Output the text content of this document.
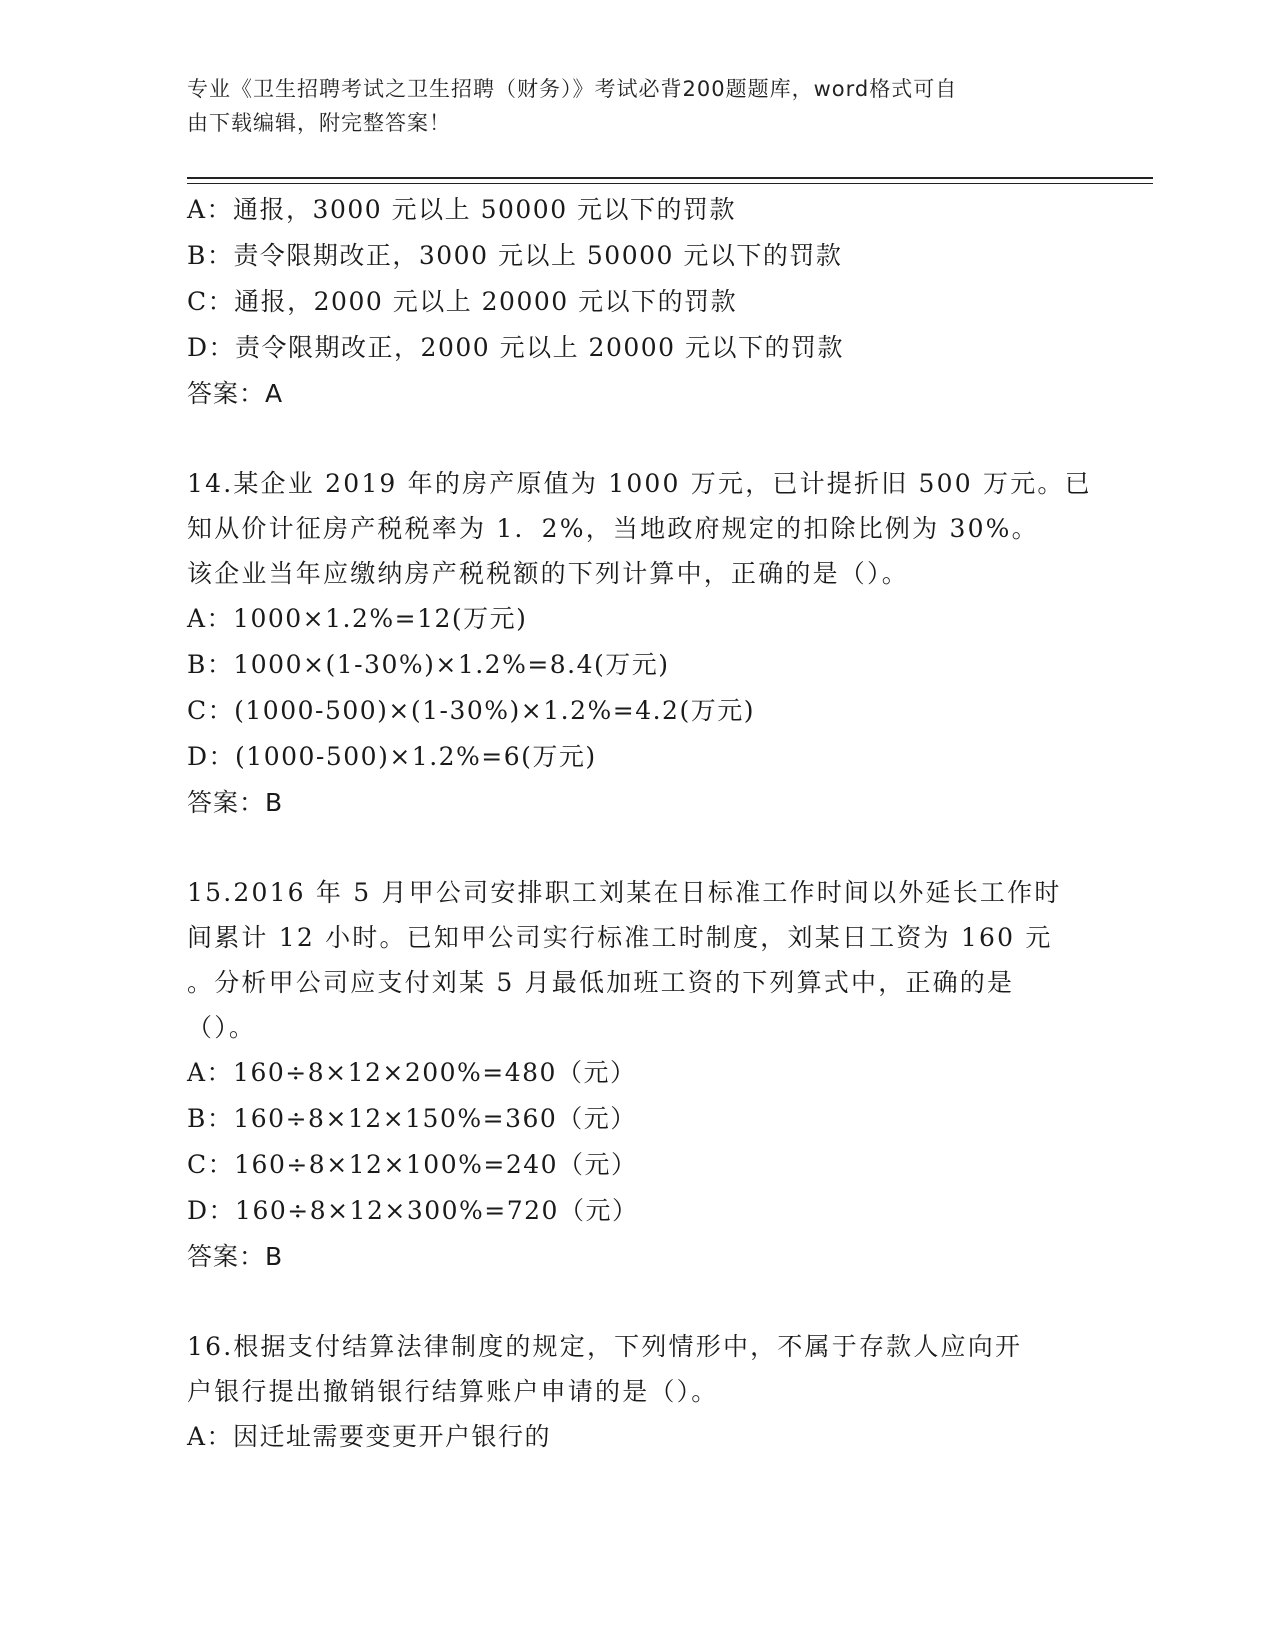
专业《卫生招聘考试之卫生招聘（财务）》考试必背200题题库，word格式可自
由下载编辑，附完整答案！
A：通报，3000 元以上 50000 元以下的罚款
B：责令限期改正，3000 元以上 50000 元以下的罚款
C：通报，2000 元以上 20000 元以下的罚款
D：责令限期改正，2000 元以上 20000 元以下的罚款
答案：A
14.某企业 2019 年的房产原值为 1000 万元，已计提折旧 500 万元。已
知从价计征房产税税率为 1．2%，当地政府规定的扣除比例为 30%。
该企业当年应缴纳房产税税额的下列计算中，正确的是（）。
A：1000×1.2%=12(万元)
B：1000×(1-30%)×1.2%=8.4(万元)
C：(1000-500)×(1-30%)×1.2%=4.2(万元)
D：(1000-500)×1.2%=6(万元)
答案：B
15.2016 年 5 月甲公司安排职工刘某在日标准工作时间以外延长工作时
间累计 12 小时。已知甲公司实行标准工时制度，刘某日工资为 160 元
。分析甲公司应支付刘某 5 月最低加班工资的下列算式中，正确的是
（）。
A：160÷8×12×200%=480（元）
B：160÷8×12×150%=360（元）
C：160÷8×12×100%=240（元）
D：160÷8×12×300%=720（元）
答案：B
16.根据支付结算法律制度的规定，下列情形中，不属于存款人应向开
户银行提出撤销银行结算账户申请的是（）。
A：因迁址需要变更开户银行的
